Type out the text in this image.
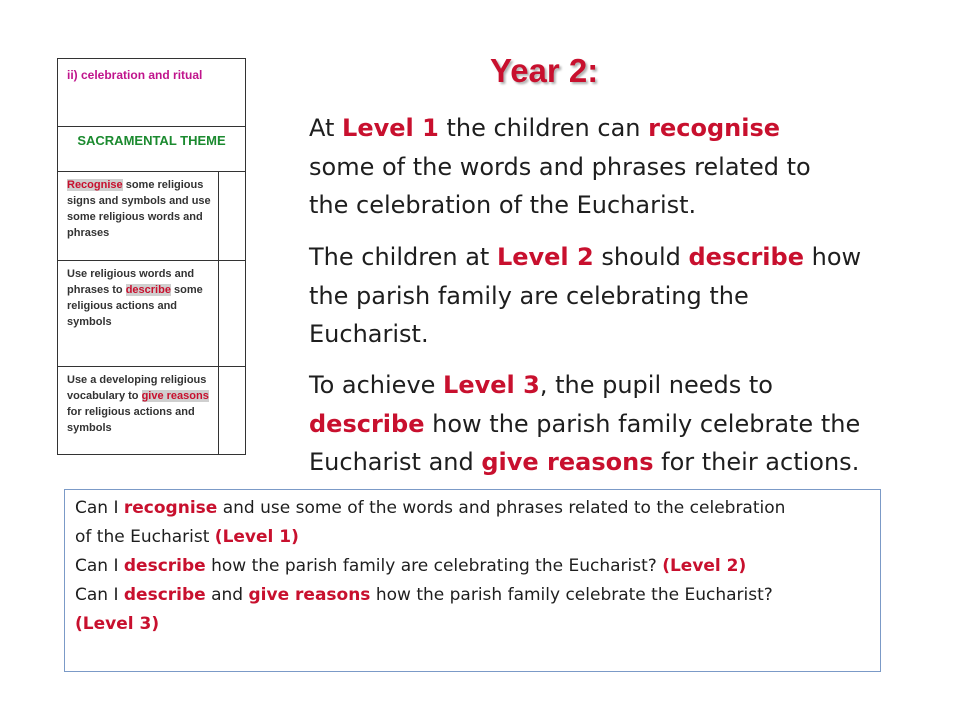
ii) celebration and ritual
SACRAMENTAL THEME
Recognise some religious signs and symbols and use some religious words and phrases
Use religious words and phrases to describe some religious actions and symbols
Use a developing religious vocabulary to give reasons for religious actions and symbols
Year 2:
At Level 1 the children can recognise
some of the words and phrases related to
the celebration of the Eucharist.
The children at Level 2 should describe how
the parish family are celebrating the
Eucharist.
To achieve Level 3, the pupil needs to
describe how the parish family celebrate the
Eucharist and give reasons for their actions.
Can I recognise and use some of the words and phrases related to the celebration
of the Eucharist (Level 1)
Can I describe how the parish family are celebrating the Eucharist? (Level 2)
Can I describe and give reasons how the parish family celebrate the Eucharist?
(Level 3)
